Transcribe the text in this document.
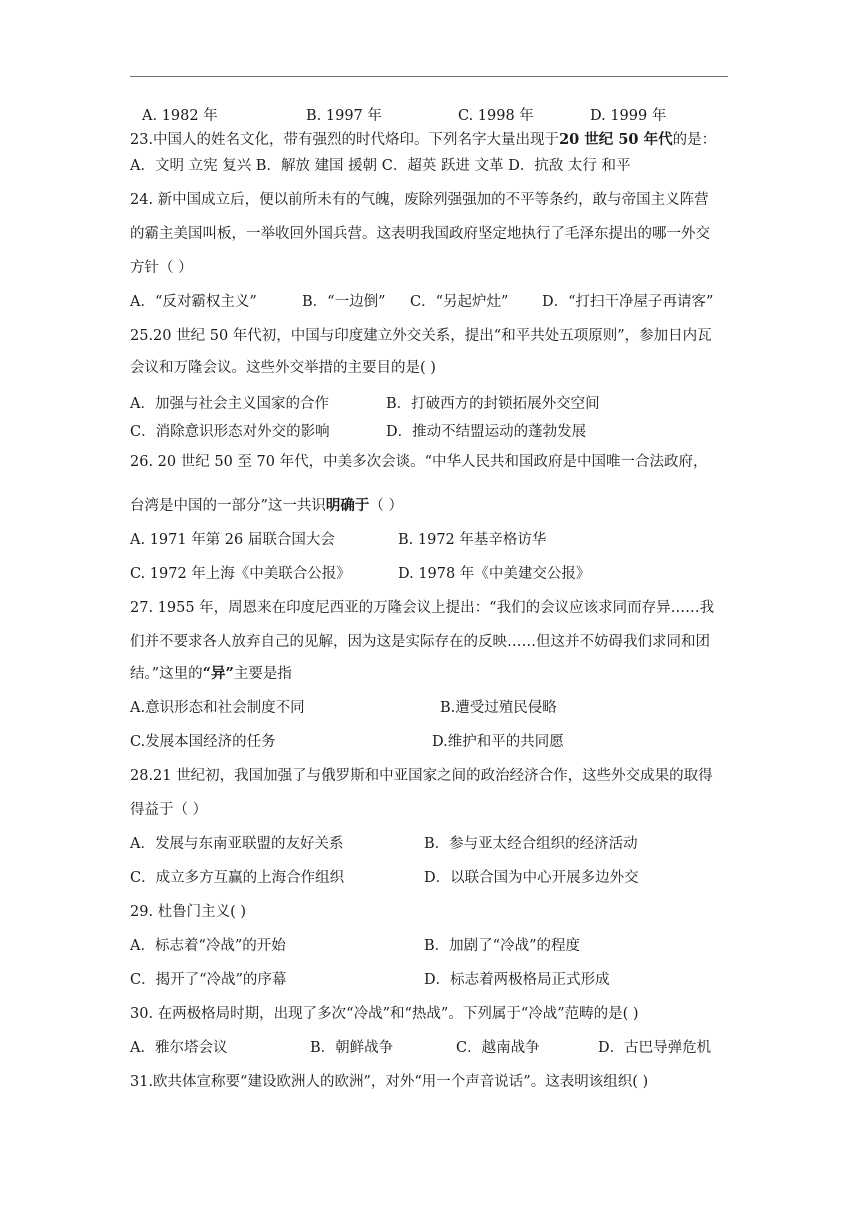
A. 1982 年	B. 1997 年	C. 1998 年	D. 1999 年
23.中国人的姓名文化，带有强烈的时代烙印。下列名字大量出现于20 世纪 50 年代的是：
A．文明 立宪 复兴 B．解放 建国 援朝 C．超英 跃进 文革 D．抗敌 太行 和平
24. 新中国成立后，便以前所未有的气魄，废除列强强加的不平等条约，敢与帝国主义阵营
的霸主美国叫板，一举收回外国兵营。这表明我国政府坚定地执行了毛泽东提出的哪一外交
方针（ ）
A．“反对霸权主义”	B．“一边倒” C．“另起炉灶” D．“打扫干净屋子再请客”
25.20 世纪 50 年代初，中国与印度建立外交关系，提出“和平共处五项原则”，参加日内瓦
会议和万隆会议。这些外交举措的主要目的是( )
A．加强与社会主义国家的合作	B．打破西方的封锁拓展外交空间
C．消除意识形态对外交的影响	D．推动不结盟运动的蓬勃发展
26. 20 世纪 50 至 70 年代，中美多次会谈。“中华人民共和国政府是中国唯一合法政府，
台湾是中国的一部分”这一共识明确于（ ）
A. 1971 年第 26 届联合国大会	B. 1972 年基辛格访华
C. 1972 年上海《中美联合公报》	D. 1978 年《中美建交公报》
27. 1955 年，周恩来在印度尼西亚的万隆会议上提出：“我们的会议应该求同而存异……我
们并不要求各人放弃自己的见解，因为这是实际存在的反映……但这并不妨碍我们求同和团
结。”这里的“异”主要是指
A.意识形态和社会制度不同	B.遭受过殖民侵略
C.发展本国经济的任务	D.维护和平的共同愿
28.21 世纪初，我国加强了与俄罗斯和中亚国家之间的政治经济合作，这些外交成果的取得
得益于（ ）
A．发展与东南亚联盟的友好关系	B．参与亚太经合组织的经济活动
C．成立多方互赢的上海合作组织	D．以联合国为中心开展多边外交
29. 杜鲁门主义( )
A．标志着“冷战”的开始	B．加剧了“冷战”的程度
C．揭开了“冷战”的序幕	D．标志着两极格局正式形成
30. 在两极格局时期，出现了多次“冷战”和“热战”。下列属于“冷战”范畴的是( )
A．雅尔塔会议	B．朝鲜战争	C．越南战争	D．古巴导弹危机
31.欧共体宣称要“建设欧洲人的欧洲”，对外“用一个声音说话”。这表明该组织( )
